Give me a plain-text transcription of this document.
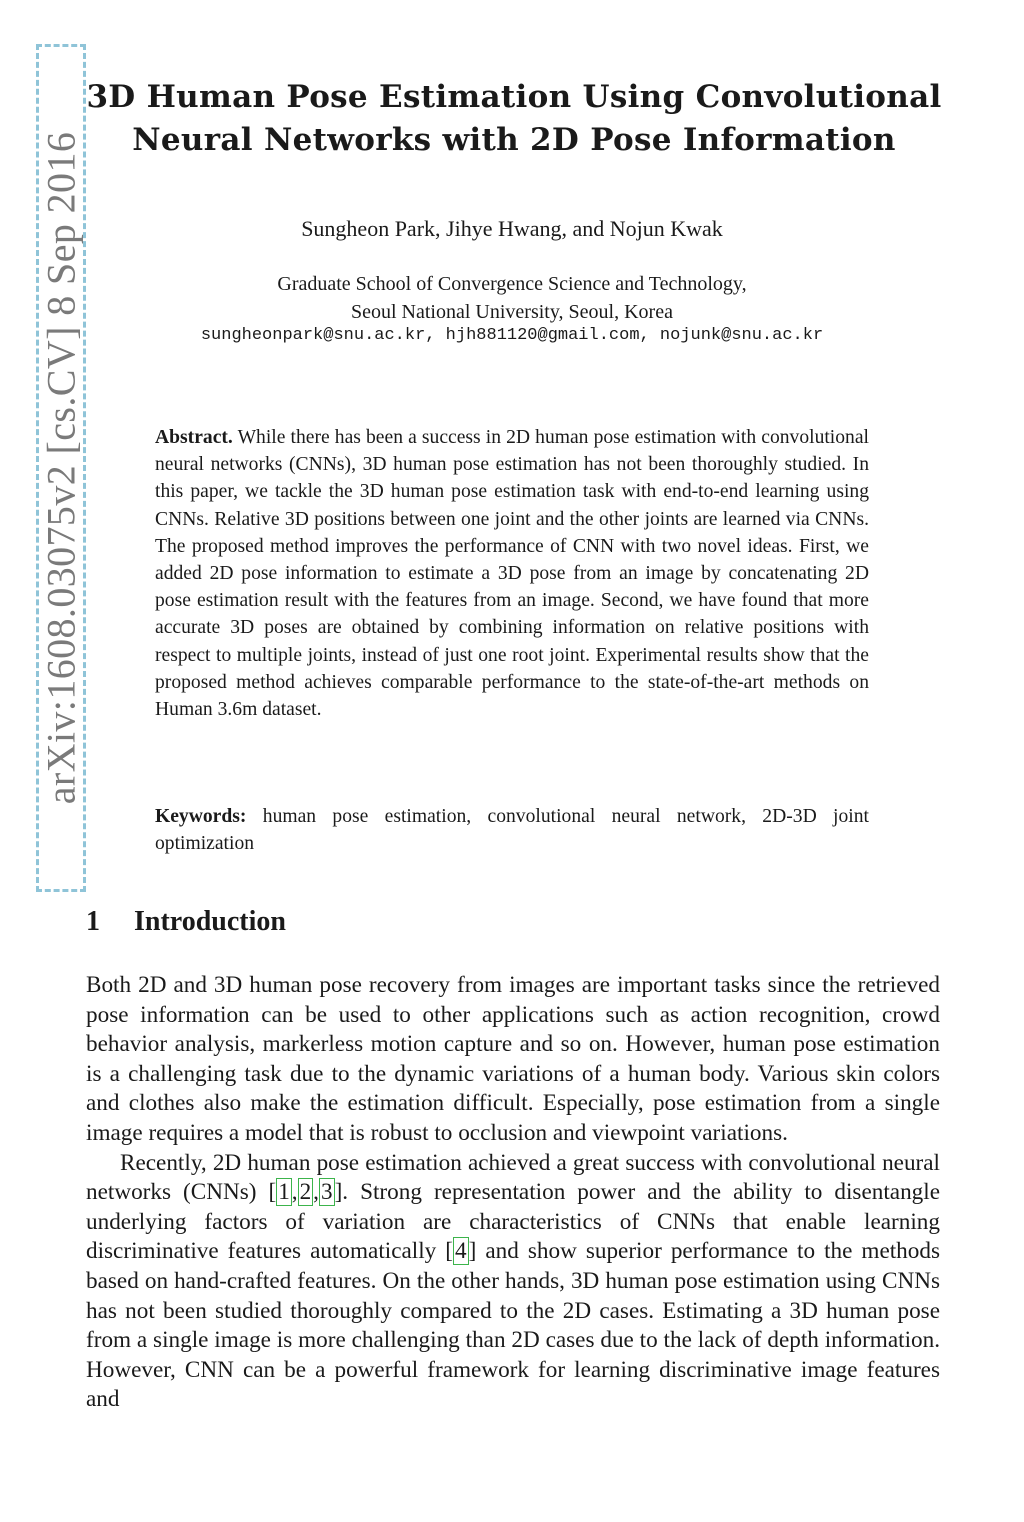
arXiv:1608.03075v2 [cs.CV] 8 Sep 2016
3D Human Pose Estimation Using Convolutional Neural Networks with 2D Pose Information
Sungheon Park, Jihye Hwang, and Nojun Kwak
Graduate School of Convergence Science and Technology,
Seoul National University, Seoul, Korea
sungheonpark@snu.ac.kr, hjh881120@gmail.com, nojunk@snu.ac.kr
Abstract. While there has been a success in 2D human pose estimation with convolutional neural networks (CNNs), 3D human pose estimation has not been thoroughly studied. In this paper, we tackle the 3D human pose estimation task with end-to-end learning using CNNs. Relative 3D positions between one joint and the other joints are learned via CNNs. The proposed method improves the performance of CNN with two novel ideas. First, we added 2D pose information to estimate a 3D pose from an image by concatenating 2D pose estimation result with the features from an image. Second, we have found that more accurate 3D poses are obtained by combining information on relative positions with respect to multiple joints, instead of just one root joint. Experimental results show that the proposed method achieves comparable performance to the state-of-the-art methods on Human 3.6m dataset.
Keywords: human pose estimation, convolutional neural network, 2D-3D joint optimization
1 Introduction

Both 2D and 3D human pose recovery from images are important tasks since the retrieved pose information can be used to other applications such as action recognition, crowd behavior analysis, markerless motion capture and so on. However, human pose estimation is a challenging task due to the dynamic variations of a human body. Various skin colors and clothes also make the estimation difficult. Especially, pose estimation from a single image requires a model that is robust to occlusion and viewpoint variations.

Recently, 2D human pose estimation achieved a great success with convolutional neural networks (CNNs) [1,2,3]. Strong representation power and the ability to disentangle underlying factors of variation are characteristics of CNNs that enable learning discriminative features automatically [4] and show superior performance to the methods based on hand-crafted features. On the other hands, 3D human pose estimation using CNNs has not been studied thoroughly compared to the 2D cases. Estimating a 3D human pose from a single image is more challenging than 2D cases due to the lack of depth information. However, CNN can be a powerful framework for learning discriminative image features and
